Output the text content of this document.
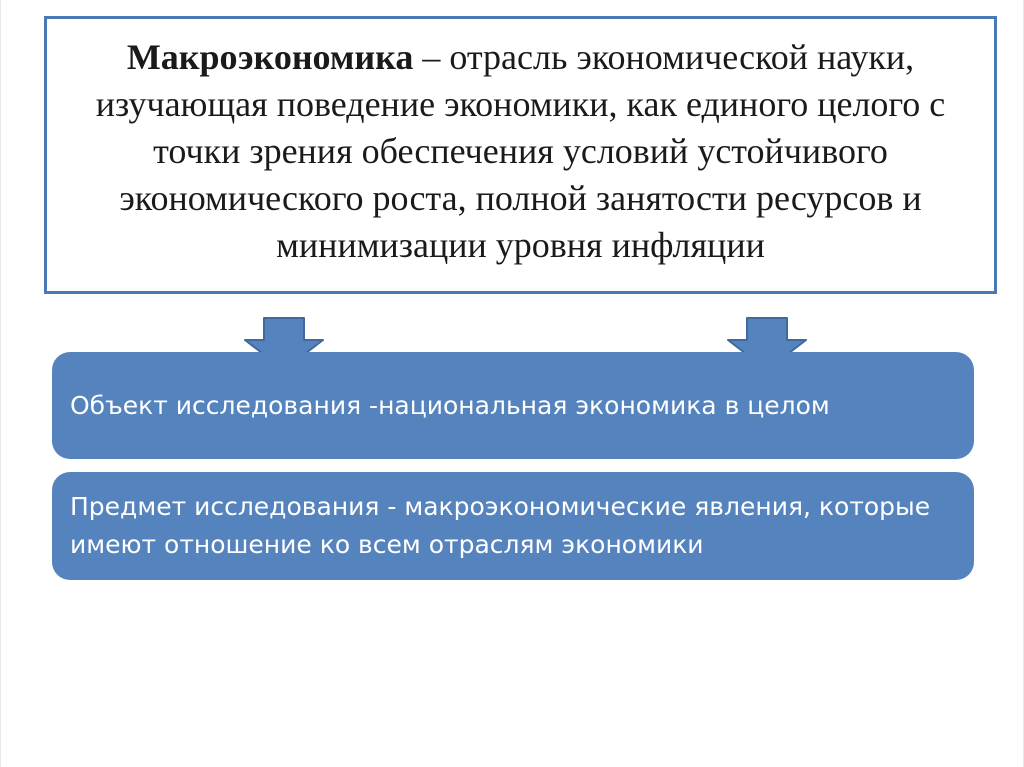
Макроэкономика – отрасль экономической науки, изучающая поведение экономики, как единого целого с точки зрения обеспечения условий устойчивого экономического роста, полной занятости ресурсов и минимизации уровня инфляции

Объект исследования -национальная экономика в целом
Предмет исследования - макроэкономические явления, которые имеют отношение ко всем отраслям экономики
